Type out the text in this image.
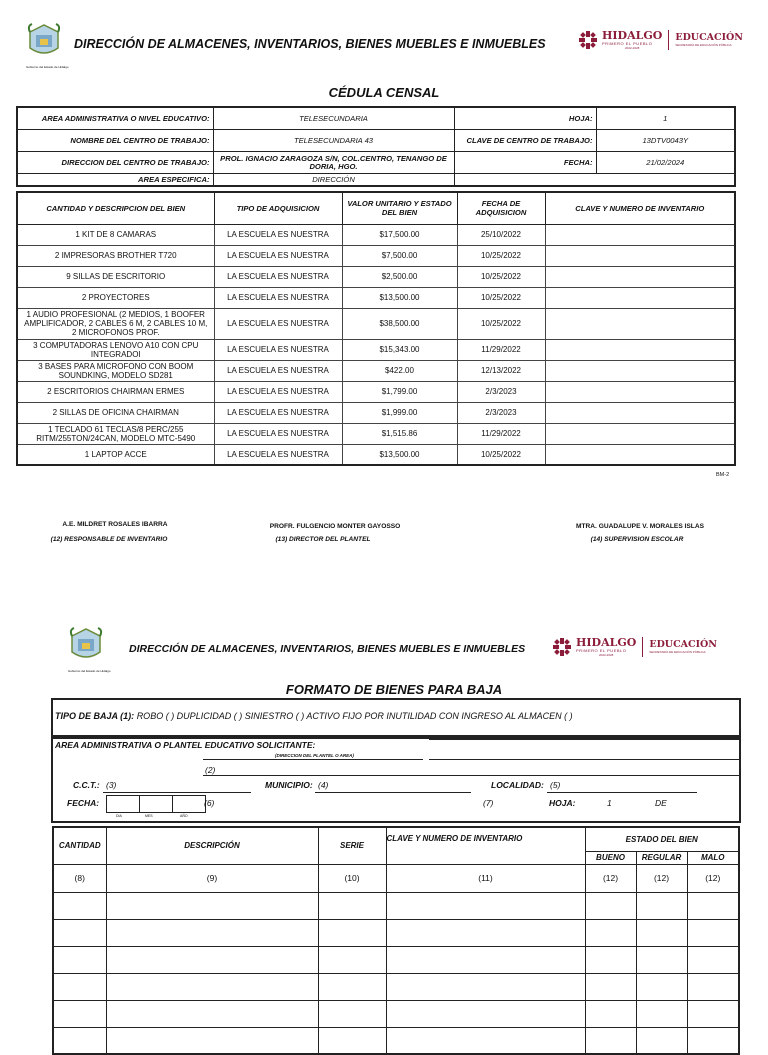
Gobierno del Estado de Hidalgo
DIRECCIÓN DE ALMACENES, INVENTARIOS, BIENES MUEBLES E INMUEBLES
HIDALGO
PRIMERO EL PUEBLO
2022-2028
EDUCACIÓN
SECRETARÍA DE EDUCACIÓN PÚBLICA
CÉDULA CENSAL
AREA ADMINISTRATIVA O NIVEL EDUCATIVO:	TELESECUNDARIA	HOJA:	1
NOMBRE DEL CENTRO DE TRABAJO:	TELESECUNDARIA 43	CLAVE DE CENTRO DE TRABAJO:	13DTV0043Y
DIRECCION DEL CENTRO DE TRABAJO:	PROL. IGNACIO ZARAGOZA S/N, COL.CENTRO, TENANGO DE DORIA, HGO.	FECHA:	21/02/2024
AREA ESPECIFICA:	DIRECCIÓN		
CANTIDAD Y DESCRIPCION DEL BIEN	TIPO DE ADQUISICION	VALOR UNITARIO Y ESTADO DEL BIEN	FECHA DE ADQUISICION	CLAVE Y NUMERO DE INVENTARIO
1 KIT DE 8 CAMARAS	LA ESCUELA ES NUESTRA	$17,500.00	25/10/2022	
2 IMPRESORAS BROTHER T720	LA ESCUELA ES NUESTRA	$7,500.00	10/25/2022	
9 SILLAS DE ESCRITORIO	LA ESCUELA ES NUESTRA	$2,500.00	10/25/2022	
2 PROYECTORES	LA ESCUELA ES NUESTRA	$13,500.00	10/25/2022	
1 AUDIO PROFESIONAL (2 MEDIOS, 1 BOOFER AMPLIFICADOR, 2 CABLES 6 M, 2 CABLES 10 M, 2 MICROFONOS PROF.	LA ESCUELA ES NUESTRA	$38,500.00	10/25/2022	
3 COMPUTADORAS LENOVO A10 CON CPU INTEGRADOI	LA ESCUELA ES NUESTRA	$15,343.00	11/29/2022	
3 BASES PARA MICROFONO CON BOOM SOUNDKING, MODELO SD281	LA ESCUELA ES NUESTRA	$422.00	12/13/2022	
2 ESCRITORIOS CHAIRMAN ERMES	LA ESCUELA ES NUESTRA	$1,799.00	2/3/2023	
2 SILLAS DE OFICINA CHAIRMAN	LA ESCUELA ES NUESTRA	$1,999.00	2/3/2023	
1 TECLADO 61 TECLAS/8 PERC/255 RITM/255TON/24CAN, MODELO MTC-5490	LA ESCUELA ES NUESTRA	$1,515.86	11/29/2022	
1 LAPTOP ACCE	LA ESCUELA ES NUESTRA	$13,500.00	10/25/2022	
BM-2
A.E. MILDRET ROSALES IBARRA
(12) RESPONSABLE DE INVENTARIO
PROFR. FULGENCIO MONTER GAYOSSO
(13) DIRECTOR DEL PLANTEL
MTRA. GUADALUPE V. MORALES ISLAS
(14) SUPERVISION ESCOLAR
Gobierno del Estado de Hidalgo
DIRECCIÓN DE ALMACENES, INVENTARIOS, BIENES MUEBLES E INMUEBLES	HIDALGO
PRIMERO EL PUEBLO
2022-2028
EDUCACIÓN
SECRETARÍA DE EDUCACIÓN PÚBLICA
FORMATO DE BIENES PARA BAJA
TIPO DE BAJA (1): ROBO ( ) DUPLICIDAD ( ) SINIESTRO ( ) ACTIVO FIJO POR INUTILIDAD CON INGRESO AL ALMACEN ( )
AREA ADMINISTRATIVA O PLANTEL EDUCATIVO SOLICITANTE:
(DIRECCION DEL PLANTEL O AREA)
(2)
C.C.T.: (3)	MUNICIPIO: (4)	LOCALIDAD: (5)
FECHA:
DIA	MES	AÑO
(6)	(7)	HOJA:	1	DE
CANTIDAD	DESCRIPCIÓN	SERIE	CLAVE Y NUMERO DE INVENTARIO	ESTADO DEL BIEN		
				BUENO	REGULAR	MALO
(8)	(9)	(10)	(11)	(12)	(12)	(12)
